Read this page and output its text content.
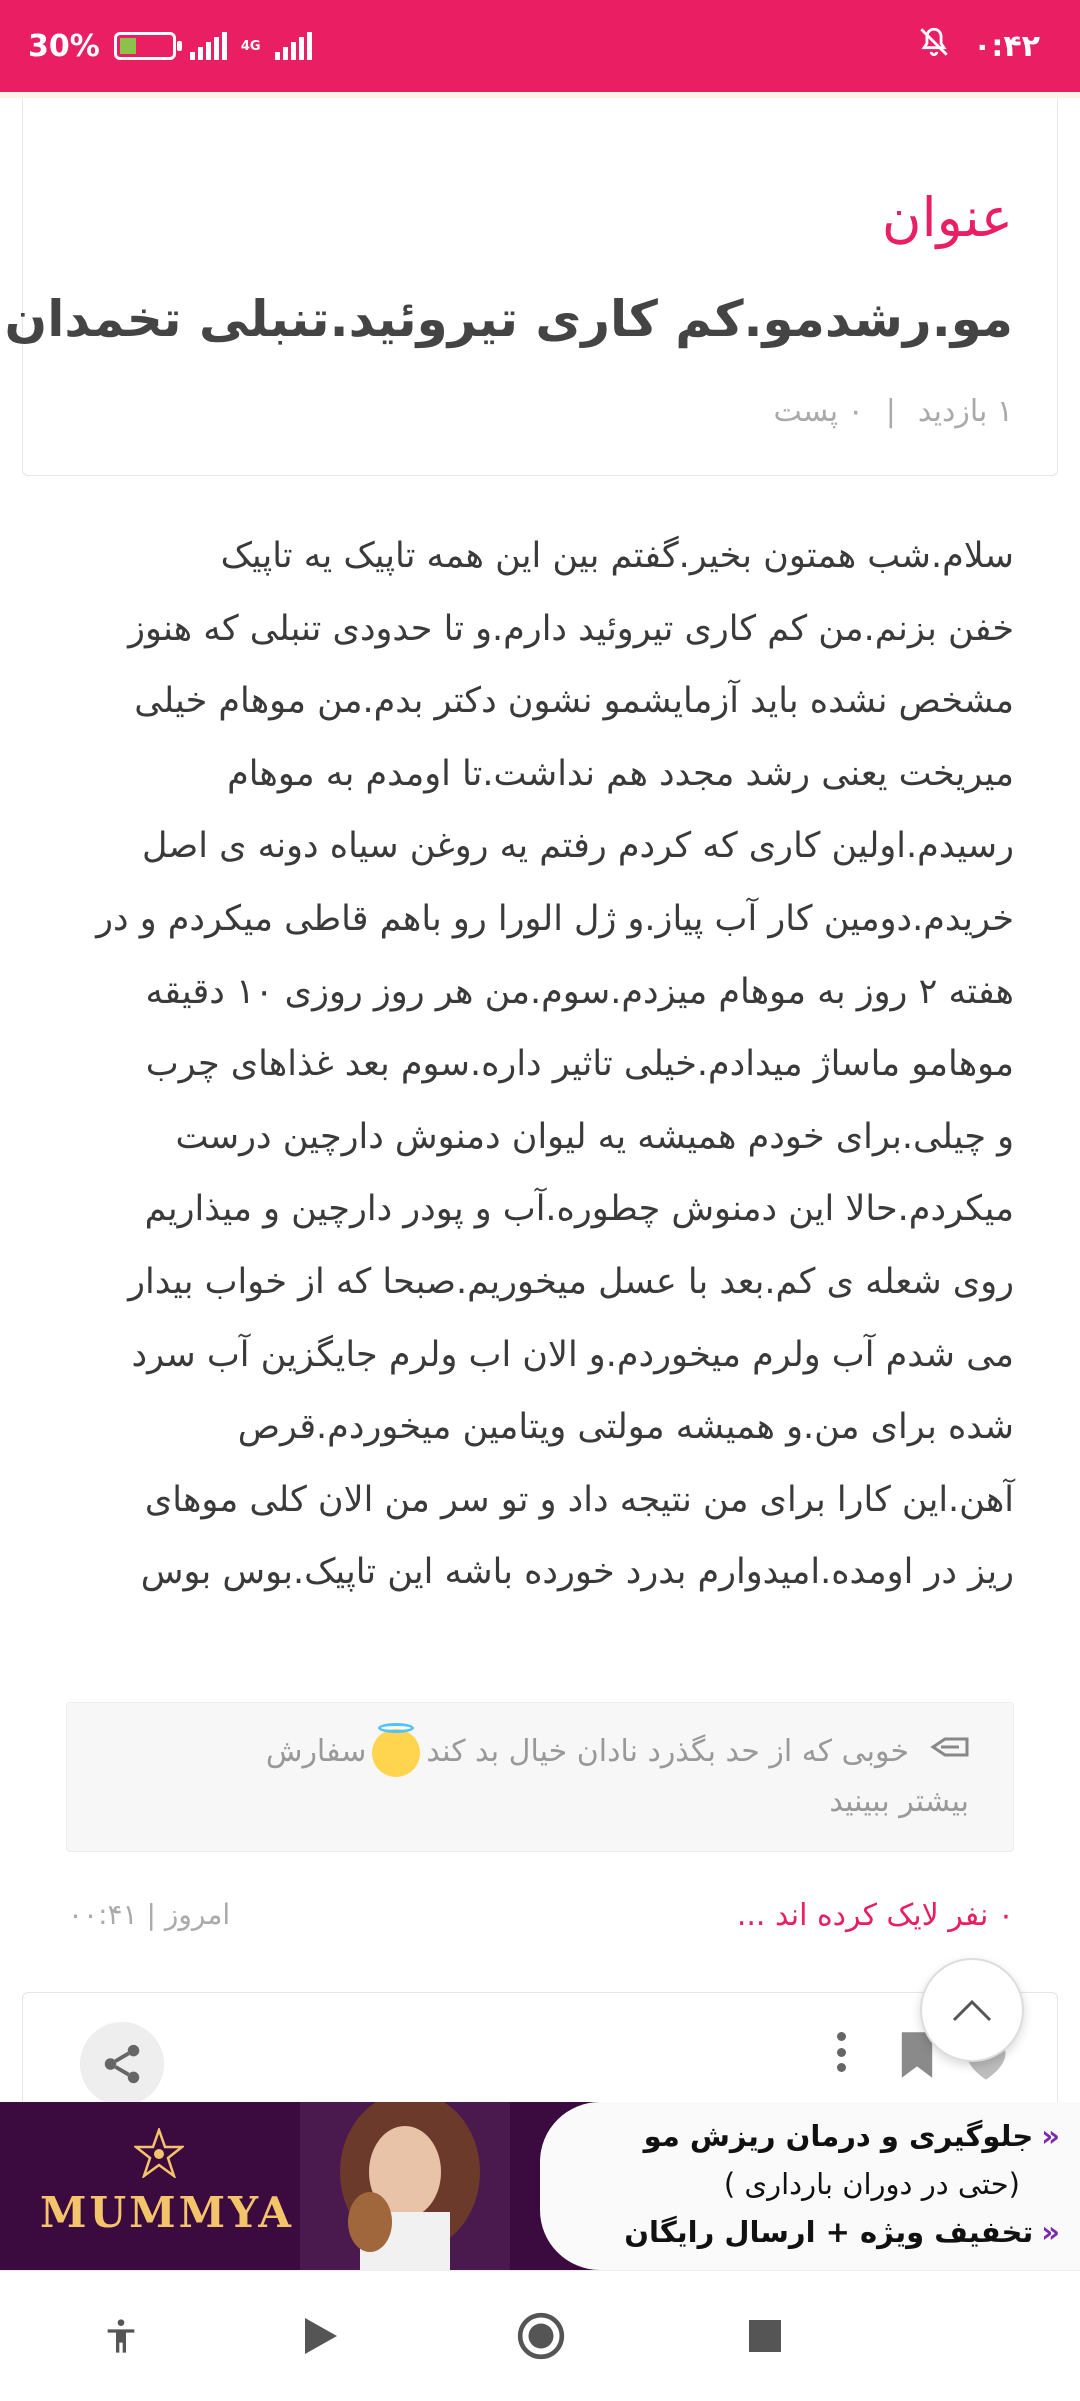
30%	4G	۰:۴۲
عنوان
مو.رشدمو.کم کاری تیروئید.تنبلی تخمدان
۱ بازدید|۰ پست
سلام.شب همتون بخیر.گفتم بین این همه تاپیک یه تاپیک
خفن بزنم.من کم کاری تیروئید دارم.و تا حدودی تنبلی که هنوز
مشخص نشده باید آزمایشمو نشون دکتر بدم.من موهام خیلی
میریخت یعنی رشد مجدد هم نداشت.تا اومدم به موهام
رسیدم.اولین کاری که کردم رفتم یه روغن سیاه دونه ی اصل
خریدم.دومین کار آب پیاز.و ژل الورا رو باهم قاطی میکردم و در
هفته ۲ روز به موهام میزدم.سوم.من هر روز روزی ۱۰ دقیقه
موهامو ماساژ میدادم.خیلی تاثیر داره.سوم بعد غذاهای چرب
و چیلی.برای خودم همیشه یه لیوان دمنوش دارچین درست
میکردم.حالا این دمنوش چطوره.آب و پودر دارچین و میذاریم
روی شعله ی کم.بعد با عسل میخوریم.صبحا که از خواب بیدار
می شدم آب ولرم میخوردم.و الان اب ولرم جایگزین آب سرد
شده برای من.و همیشه مولتی ویتامین میخوردم.قرص
آهن.این کارا برای من نتیجه داد و تو سر من الان کلی موهای
ریز در اومده.امیدوارم بدرد خورده باشه این تاپیک.بوس بوس
خوبی که از حد بگذرد نادان خیال بد کندسفارش
بیشتر ببینید
۰ نفر لایک کرده اند ...
امروز | ۰۰:۴۱
MUMMYA
«جلوگیری و درمان ریزش مو
(حتی در دوران بارداری )
«تخفیف ویژه + ارسال رایگان
